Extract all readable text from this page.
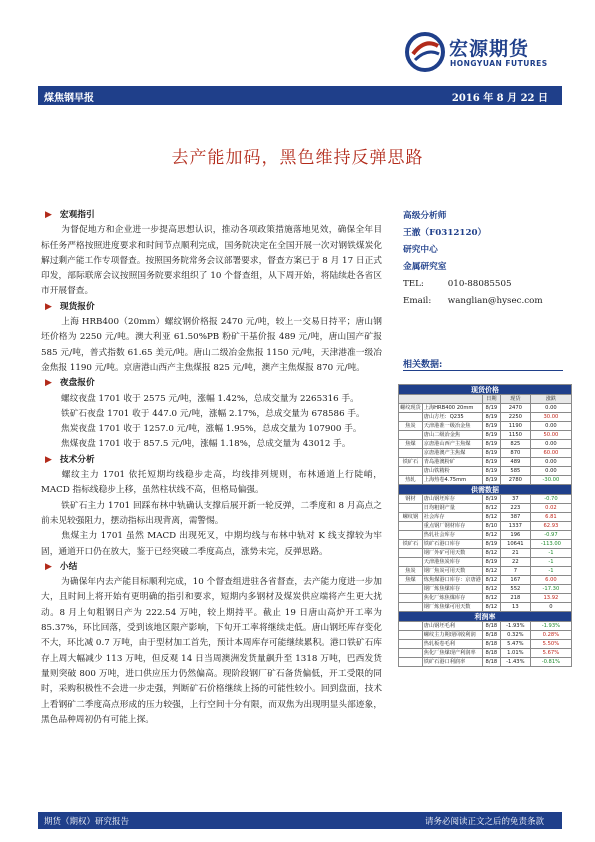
宏源期货
HONGYUAN FUTURES
煤焦钢早报	2016 年 8 月 22 日
去产能加码，黑色维持反弹思路
▶ 宏观指引
为督促地方和企业进一步提高思想认识，推动各项政策措施落地见效，确保全年目标任务严格按照进度要求和时间节点顺利完成，国务院决定在全国开展一次对钢铁煤炭化解过剩产能工作专项督查。按照国务院常务会议部署要求，督查方案已于 8 月 17 日正式印发，部际联席会议按照国务院要求组织了 10 个督查组，从下周开始，将陆续赴各省区市开展督查。
▶ 现货报价
上海 HRB400（20mm）螺纹钢价格报 2470 元/吨，较上一交易日持平；唐山钢坯价格为 2250 元/吨。澳大利亚 61.50%PB 粉矿干基价报 489 元/吨，唐山国产矿报 585 元/吨，普式指数 61.65 美元/吨。唐山二级冶金焦报 1150 元/吨，天津港准一级冶金焦报 1190 元/吨。京唐港山西产主焦煤报 825 元/吨，澳产主焦煤报 870 元/吨。
▶ 夜盘报价
螺纹夜盘 1701 收于 2575 元/吨，涨幅 1.42%，总成交量为 2265316 手。
铁矿石夜盘 1701 收于 447.0 元/吨，涨幅 2.17%，总成交量为 678586 手。
焦炭夜盘 1701 收于 1257.0 元/吨，涨幅 1.95%，总成交量为 107900 手。
焦煤夜盘 1701 收于 857.5 元/吨，涨幅 1.18%，总成交量为 43012 手。
▶ 技术分析
螺纹主力 1701 依托短期均线稳步走高，均线排列规则，布林通道上行陡峭，MACD 指标线稳步上移，虽然柱状线不高，但格局偏强。
铁矿石主力 1701 回踩布林中轨确认支撑后展开新一轮反弹，二季度和 8 月高点之前未见较强阻力，摆动指标出现背离，需警惕。
焦煤主力 1701 虽然 MACD 出现死叉，中期均线与布林中轨对 K 线支撑较为牢固，通道开口仍在放大，鉴于已经突破二季度高点，涨势未完，反弹思路。
▶ 小结
为确保年内去产能目标顺利完成，10 个督查组进驻各省督查，去产能力度进一步加大，且时间上将开始有更明确的指引和要求，短期内多钢材及煤炭供应端将产生更大扰动。8 月上旬粗钢日产为 222.54 万吨，较上期持平。截止 19 日唐山高炉开工率为 85.37%，环比回落，受到该地区限产影响，下旬开工率将继续走低。唐山钢坯库存变化不大，环比减 0.7 万吨，由于型材加工首先，预计本周库存可能继续累积。港口铁矿石库存上周大幅减少 113 万吨，但反观 14 日当周澳洲发货量飙升至 1318 万吨，巴西发货量则突破 800 万吨，进口供应压力仍然偏高。现阶段钢厂矿石备货偏低，开工受限的同时，采购积极性不会进一步走强，判断矿石价格继续上扬的可能性较小。回到盘面，技术上看钢矿二季度高点形成的压力较强，上行空间十分有限，而双焦为出现明显头部迹象，黑色品种周初仍有可能上探。
高级分析师
王澈（F0312120）
研究中心
金属研究室
TEL:	010-88085505
Email: wanglian@hysec.com
相关数据:
现货价格				
		日期	现货	涨跌
螺纹现货	上海HRB400 20mm	8/19	2470	0.00
	唐山方坯：Q235	8/19	2250	30.00
焦炭	天津港准一级冶金焦	8/19	1190	0.00
	唐山二级冶金焦	8/19	1150	50.00
焦煤	京唐港山西产主焦煤	8/19	825	0.00
	京唐港澳产主焦煤	8/19	870	60.00
铁矿石	青岛港澳粉矿	8/19	489	0.00
	唐山铁精粉	8/19	585	0.00
热轧	上海热卷4.75mm	8/19	2780	-30.00
供需数据				
钢材	唐山钢坯库存	8/19	37	-0.70
	日均粗钢产量	8/12	223	0.02
螺纹钢	社会库存	8/12	387	6.81
	重点钢厂钢材库存	8/10	1337	62.93
	热轧社会库存	8/12	196	-0.97
铁矿石	铁矿石港口库存	8/19	10641	-113.00
	钢厂外矿可用天数	8/12	21	-1
	天津港焦炭库存	8/19	22	-1
焦炭	钢厂焦炭可用天数	8/12	7	-1
焦煤	炼焦煤港口库存：京唐港	8/12	167	6.00
	钢厂炼焦煤库存	8/12	552	-17.30
	焦化厂炼焦煤库存	8/12	218	13.92
	钢厂炼焦煤可用天数	8/12	13	0
利润率				
	唐山钢坯毛利	8/18	-1.93%	-1.93%
	螺纹主力期现回收利润	8/18	0.32%	0.28%
	热轧板卷毛利	8/18	5.47%	5.50%
	焦化厂焦煤现产利润率	8/18	1.01%	5.67%
	铁矿石港口利润率	8/18	-1.43%	-0.81%
期货（期权）研究报告	请务必阅读正文之后的免责条款
